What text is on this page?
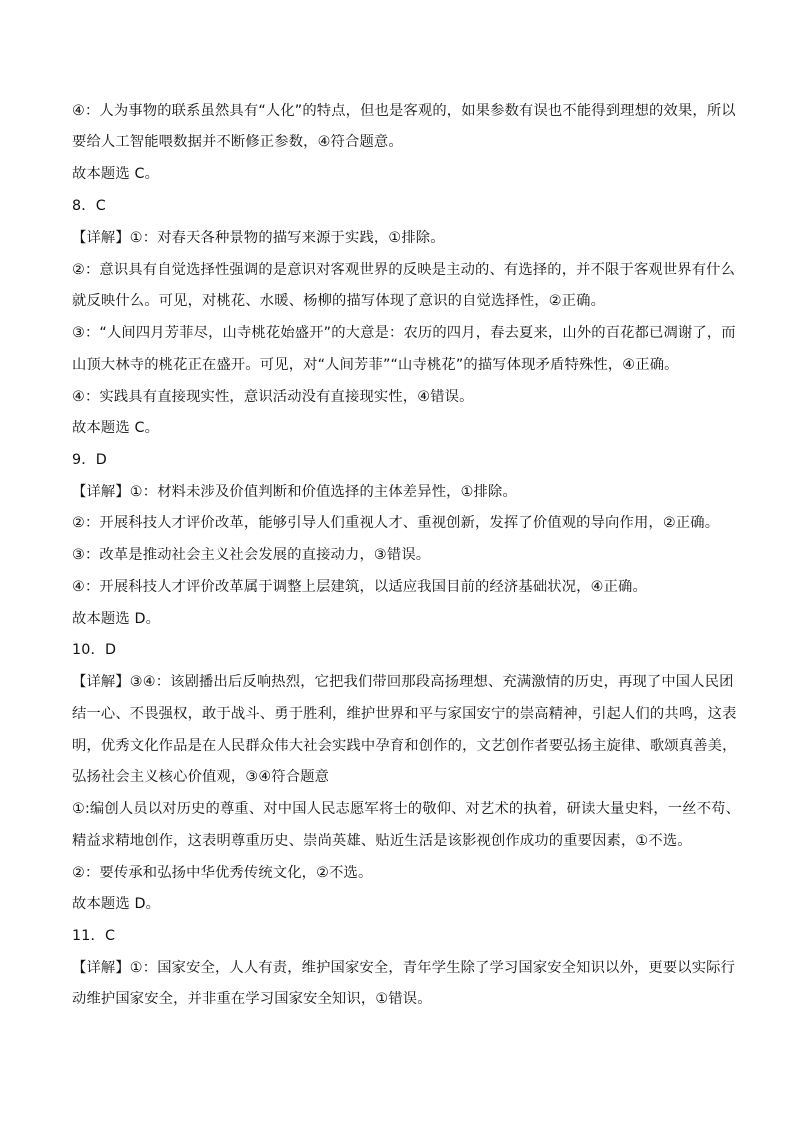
④：人为事物的联系虽然具有“人化”的特点，但也是客观的，如果参数有误也不能得到理想的效果，所以
要给人工智能喂数据并不断修正参数，④符合题意。
故本题选 C。
8．C
【详解】①：对春天各种景物的描写来源于实践，①排除。
②：意识具有自觉选择性强调的是意识对客观世界的反映是主动的、有选择的，并不限于客观世界有什么
就反映什么。可见，对桃花、水暖、杨柳的描写体现了意识的自觉选择性，②正确。
③：“人间四月芳菲尽，山寺桃花始盛开”的大意是：农历的四月，春去夏来，山外的百花都已凋谢了，而
山顶大林寺的桃花正在盛开。可见，对“人间芳菲”“山寺桃花”的描写体现矛盾特殊性，④正确。
④：实践具有直接现实性，意识活动没有直接现实性，④错误。
故本题选 C。
9．D
【详解】①：材料未涉及价值判断和价值选择的主体差异性，①排除。
②：开展科技人才评价改革，能够引导人们重视人才、重视创新，发挥了价值观的导向作用，②正确。
③：改革是推动社会主义社会发展的直接动力，③错误。
④：开展科技人才评价改革属于调整上层建筑，以适应我国目前的经济基础状况，④正确。
故本题选 D。
10．D
【详解】③④：该剧播出后反响热烈，它把我们带回那段高扬理想、充满激情的历史，再现了中国人民团
结一心、不畏强权，敢于战斗、勇于胜利，维护世界和平与家国安宁的崇高精神，引起人们的共鸣，这表
明，优秀文化作品是在人民群众伟大社会实践中孕育和创作的，文艺创作者要弘扬主旋律、歌颂真善美，
弘扬社会主义核心价值观，③④符合题意
①:编创人员以对历史的尊重、对中国人民志愿军将士的敬仰、对艺术的执着，研读大量史料，一丝不苟、
精益求精地创作，这表明尊重历史、崇尚英雄、贴近生活是该影视创作成功的重要因素，①不选。
②：要传承和弘扬中华优秀传统文化，②不选。
故本题选 D。
11．C
【详解】①：国家安全，人人有责，维护国家安全，青年学生除了学习国家安全知识以外，更要以实际行
动维护国家安全，并非重在学习国家安全知识，①错误。
